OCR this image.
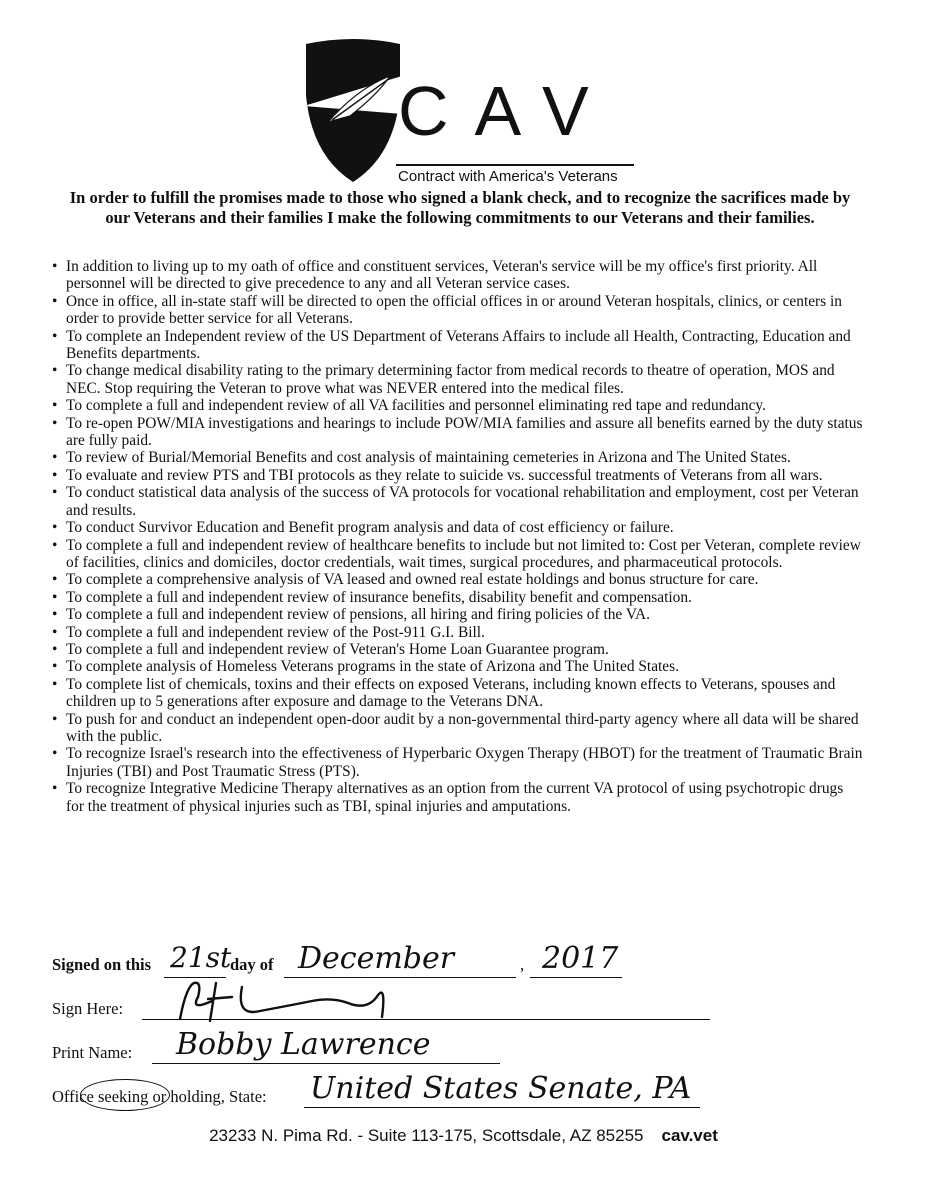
CAV
Contract with America's Veterans
In order to fulfill the promises made to those who signed a blank check, and to recognize the sacrifices made by our Veterans and their families I make the following commitments to our Veterans and their families.
• In addition to living up to my oath of office and constituent services, Veteran's service will be my office's first priority. All personnel will be directed to give precedence to any and all Veteran service cases.
• Once in office, all in-state staff will be directed to open the official offices in or around Veteran hospitals, clinics, or centers in order to provide better service for all Veterans.
• To complete an Independent review of the US Department of Veterans Affairs to include all Health, Contracting, Education and Benefits departments.
• To change medical disability rating to the primary determining factor from medical records to theatre of operation, MOS and NEC. Stop requiring the Veteran to prove what was NEVER entered into the medical files.
• To complete a full and independent review of all VA facilities and personnel eliminating red tape and redundancy.
• To re-open POW/MIA investigations and hearings to include POW/MIA families and assure all benefits earned by the duty status are fully paid.
• To review of Burial/Memorial Benefits and cost analysis of maintaining cemeteries in Arizona and The United States.
• To evaluate and review PTS and TBI protocols as they relate to suicide vs. successful treatments of Veterans from all wars.
• To conduct statistical data analysis of the success of VA protocols for vocational rehabilitation and employment, cost per Veteran and results.
• To conduct Survivor Education and Benefit program analysis and data of cost efficiency or failure.
• To complete a full and independent review of healthcare benefits to include but not limited to: Cost per Veteran, complete review of facilities, clinics and domiciles, doctor credentials, wait times, surgical procedures, and pharmaceutical protocols.
• To complete a comprehensive analysis of VA leased and owned real estate holdings and bonus structure for care.
• To complete a full and independent review of insurance benefits, disability benefit and compensation.
• To complete a full and independent review of pensions, all hiring and firing policies of the VA.
• To complete a full and independent review of the Post-911 G.I. Bill.
• To complete a full and independent review of Veteran's Home Loan Guarantee program.
• To complete analysis of Homeless Veterans programs in the state of Arizona and The United States.
• To complete list of chemicals, toxins and their effects on exposed Veterans, including known effects to Veterans, spouses and children up to 5 generations after exposure and damage to the Veterans DNA.
• To push for and conduct an independent open-door audit by a non-governmental third-party agency where all data will be shared with the public.
• To recognize Israel's research into the effectiveness of Hyperbaric Oxygen Therapy (HBOT) for the treatment of Traumatic Brain Injuries (TBI) and Post Traumatic Stress (PTS).
• To recognize Integrative Medicine Therapy alternatives as an option from the current VA protocol of using psychotropic drugs for the treatment of physical injuries such as TBI, spinal injuries and amputations.
Signed on this 21st
day of December	, 2017
Sign Here:
Print Name: Bobby Lawrence
Office seeking or holding, State: United States Senate, PA
23233 N. Pima Rd. - Suite 113-175, Scottsdale, AZ 85255 cav.vet
